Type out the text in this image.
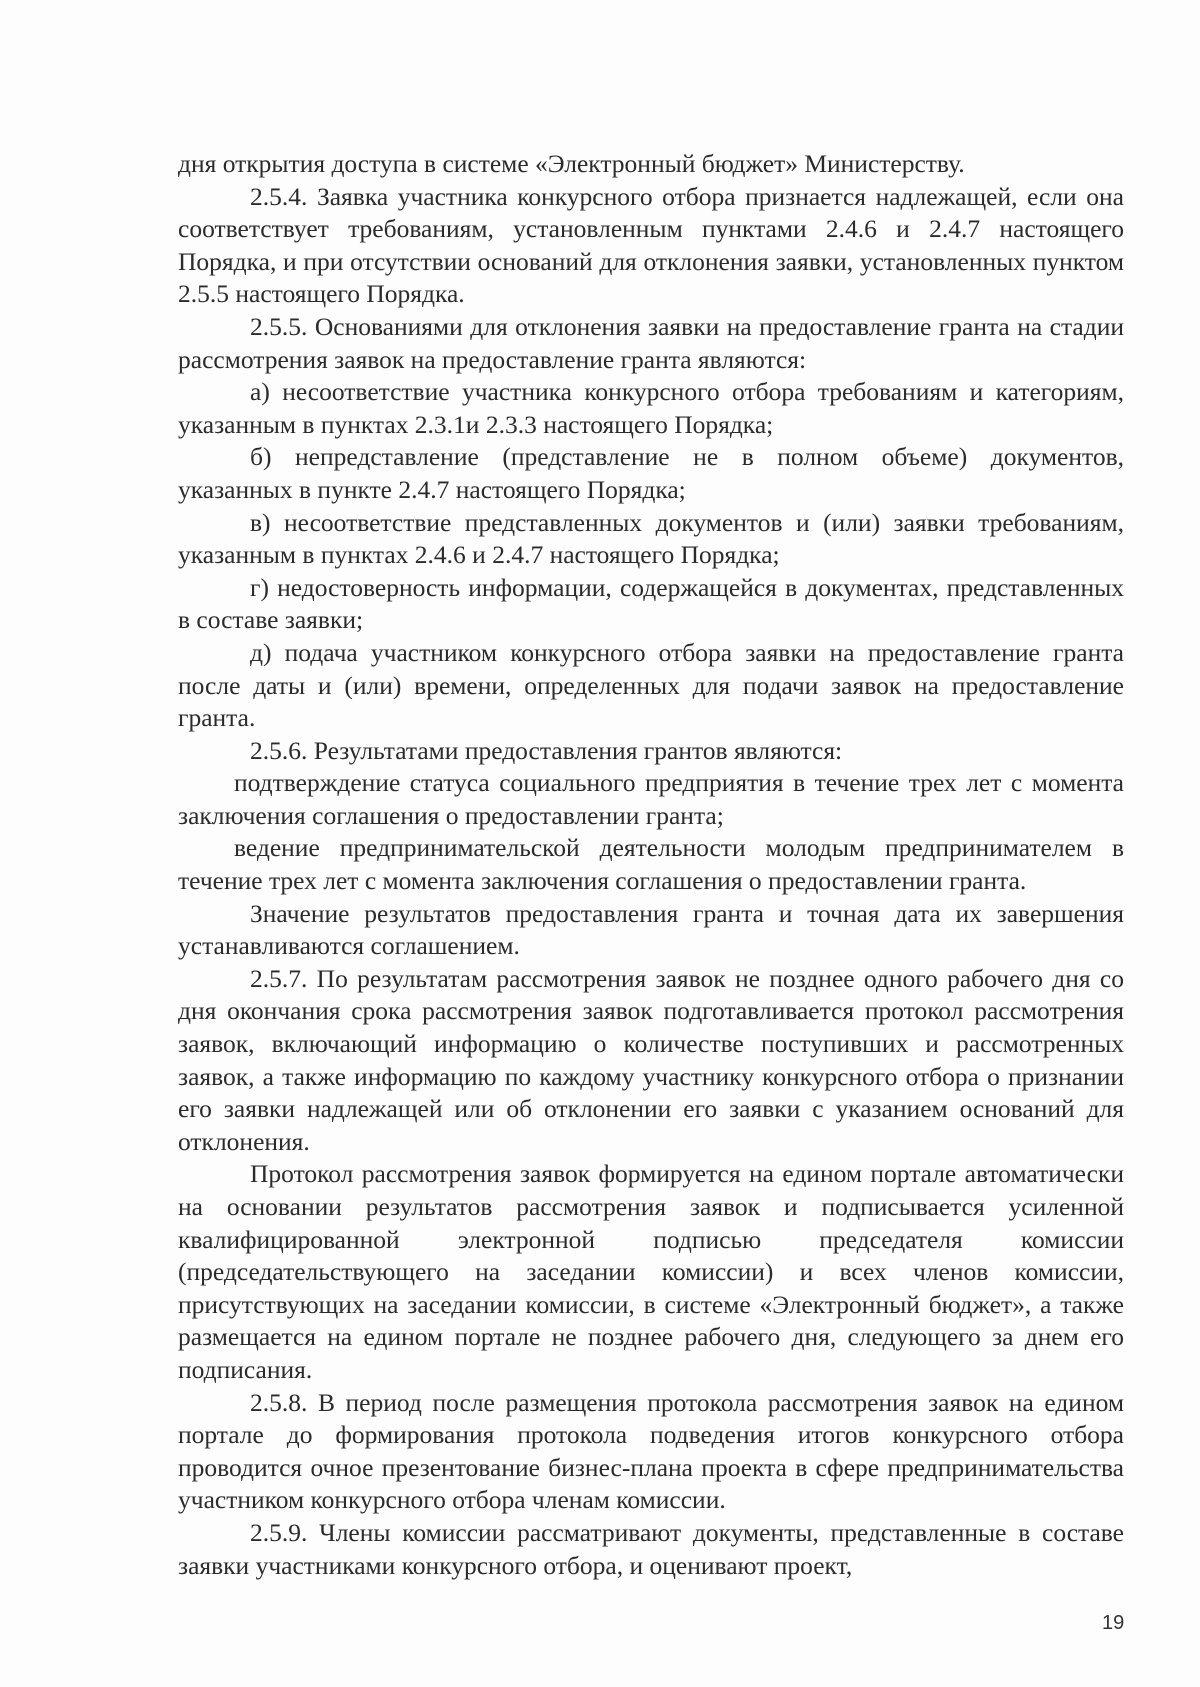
дня открытия доступа в системе «Электронный бюджет» Министерству.

2.5.4. Заявка участника конкурсного отбора признается надлежащей, если она соответствует требованиям, установленным пунктами 2.4.6 и 2.4.7 настоящего Порядка, и при отсутствии оснований для отклонения заявки, установленных пунктом 2.5.5 настоящего Порядка.

2.5.5. Основаниями для отклонения заявки на предоставление гранта на стадии рассмотрения заявок на предоставление гранта являются:

а) несоответствие участника конкурсного отбора требованиям и категориям, указанным в пунктах 2.3.1и 2.3.3 настоящего Порядка;

б) непредставление (представление не в полном объеме) документов, указанных в пункте 2.4.7 настоящего Порядка;

в) несоответствие представленных документов и (или) заявки требованиям, указанным в пунктах 2.4.6 и 2.4.7 настоящего Порядка;

г) недостоверность информации, содержащейся в документах, представленных в составе заявки;

д) подача участником конкурсного отбора заявки на предоставление гранта после даты и (или) времени, определенных для подачи заявок на предоставление гранта.

2.5.6. Результатами предоставления грантов являются:

подтверждение статуса социального предприятия в течение трех лет с момента заключения соглашения о предоставлении гранта;

ведение предпринимательской деятельности молодым предпринимателем в течение трех лет с момента заключения соглашения о предоставлении гранта.

Значение результатов предоставления гранта и точная дата их завершения устанавливаются соглашением.

2.5.7. По результатам рассмотрения заявок не позднее одного рабочего дня со дня окончания срока рассмотрения заявок подготавливается протокол рассмотрения заявок, включающий информацию о количестве поступивших и рассмотренных заявок, а также информацию по каждому участнику конкурсного отбора о признании его заявки надлежащей или об отклонении его заявки с указанием оснований для отклонения.

Протокол рассмотрения заявок формируется на едином портале автоматически на основании результатов рассмотрения заявок и подписывается усиленной квалифицированной электронной подписью председателя комиссии (председательствующего на заседании комиссии) и всех членов комиссии, присутствующих на заседании комиссии, в системе «Электронный бюджет», а также размещается на едином портале не позднее рабочего дня, следующего за днем его подписания.

2.5.8. В период после размещения протокола рассмотрения заявок на едином портале до формирования протокола подведения итогов конкурсного отбора проводится очное презентование бизнес-плана проекта в сфере предпринимательства участником конкурсного отбора членам комиссии.

2.5.9. Члены комиссии рассматривают документы, представленные в составе заявки участниками конкурсного отбора, и оценивают проект,

19
